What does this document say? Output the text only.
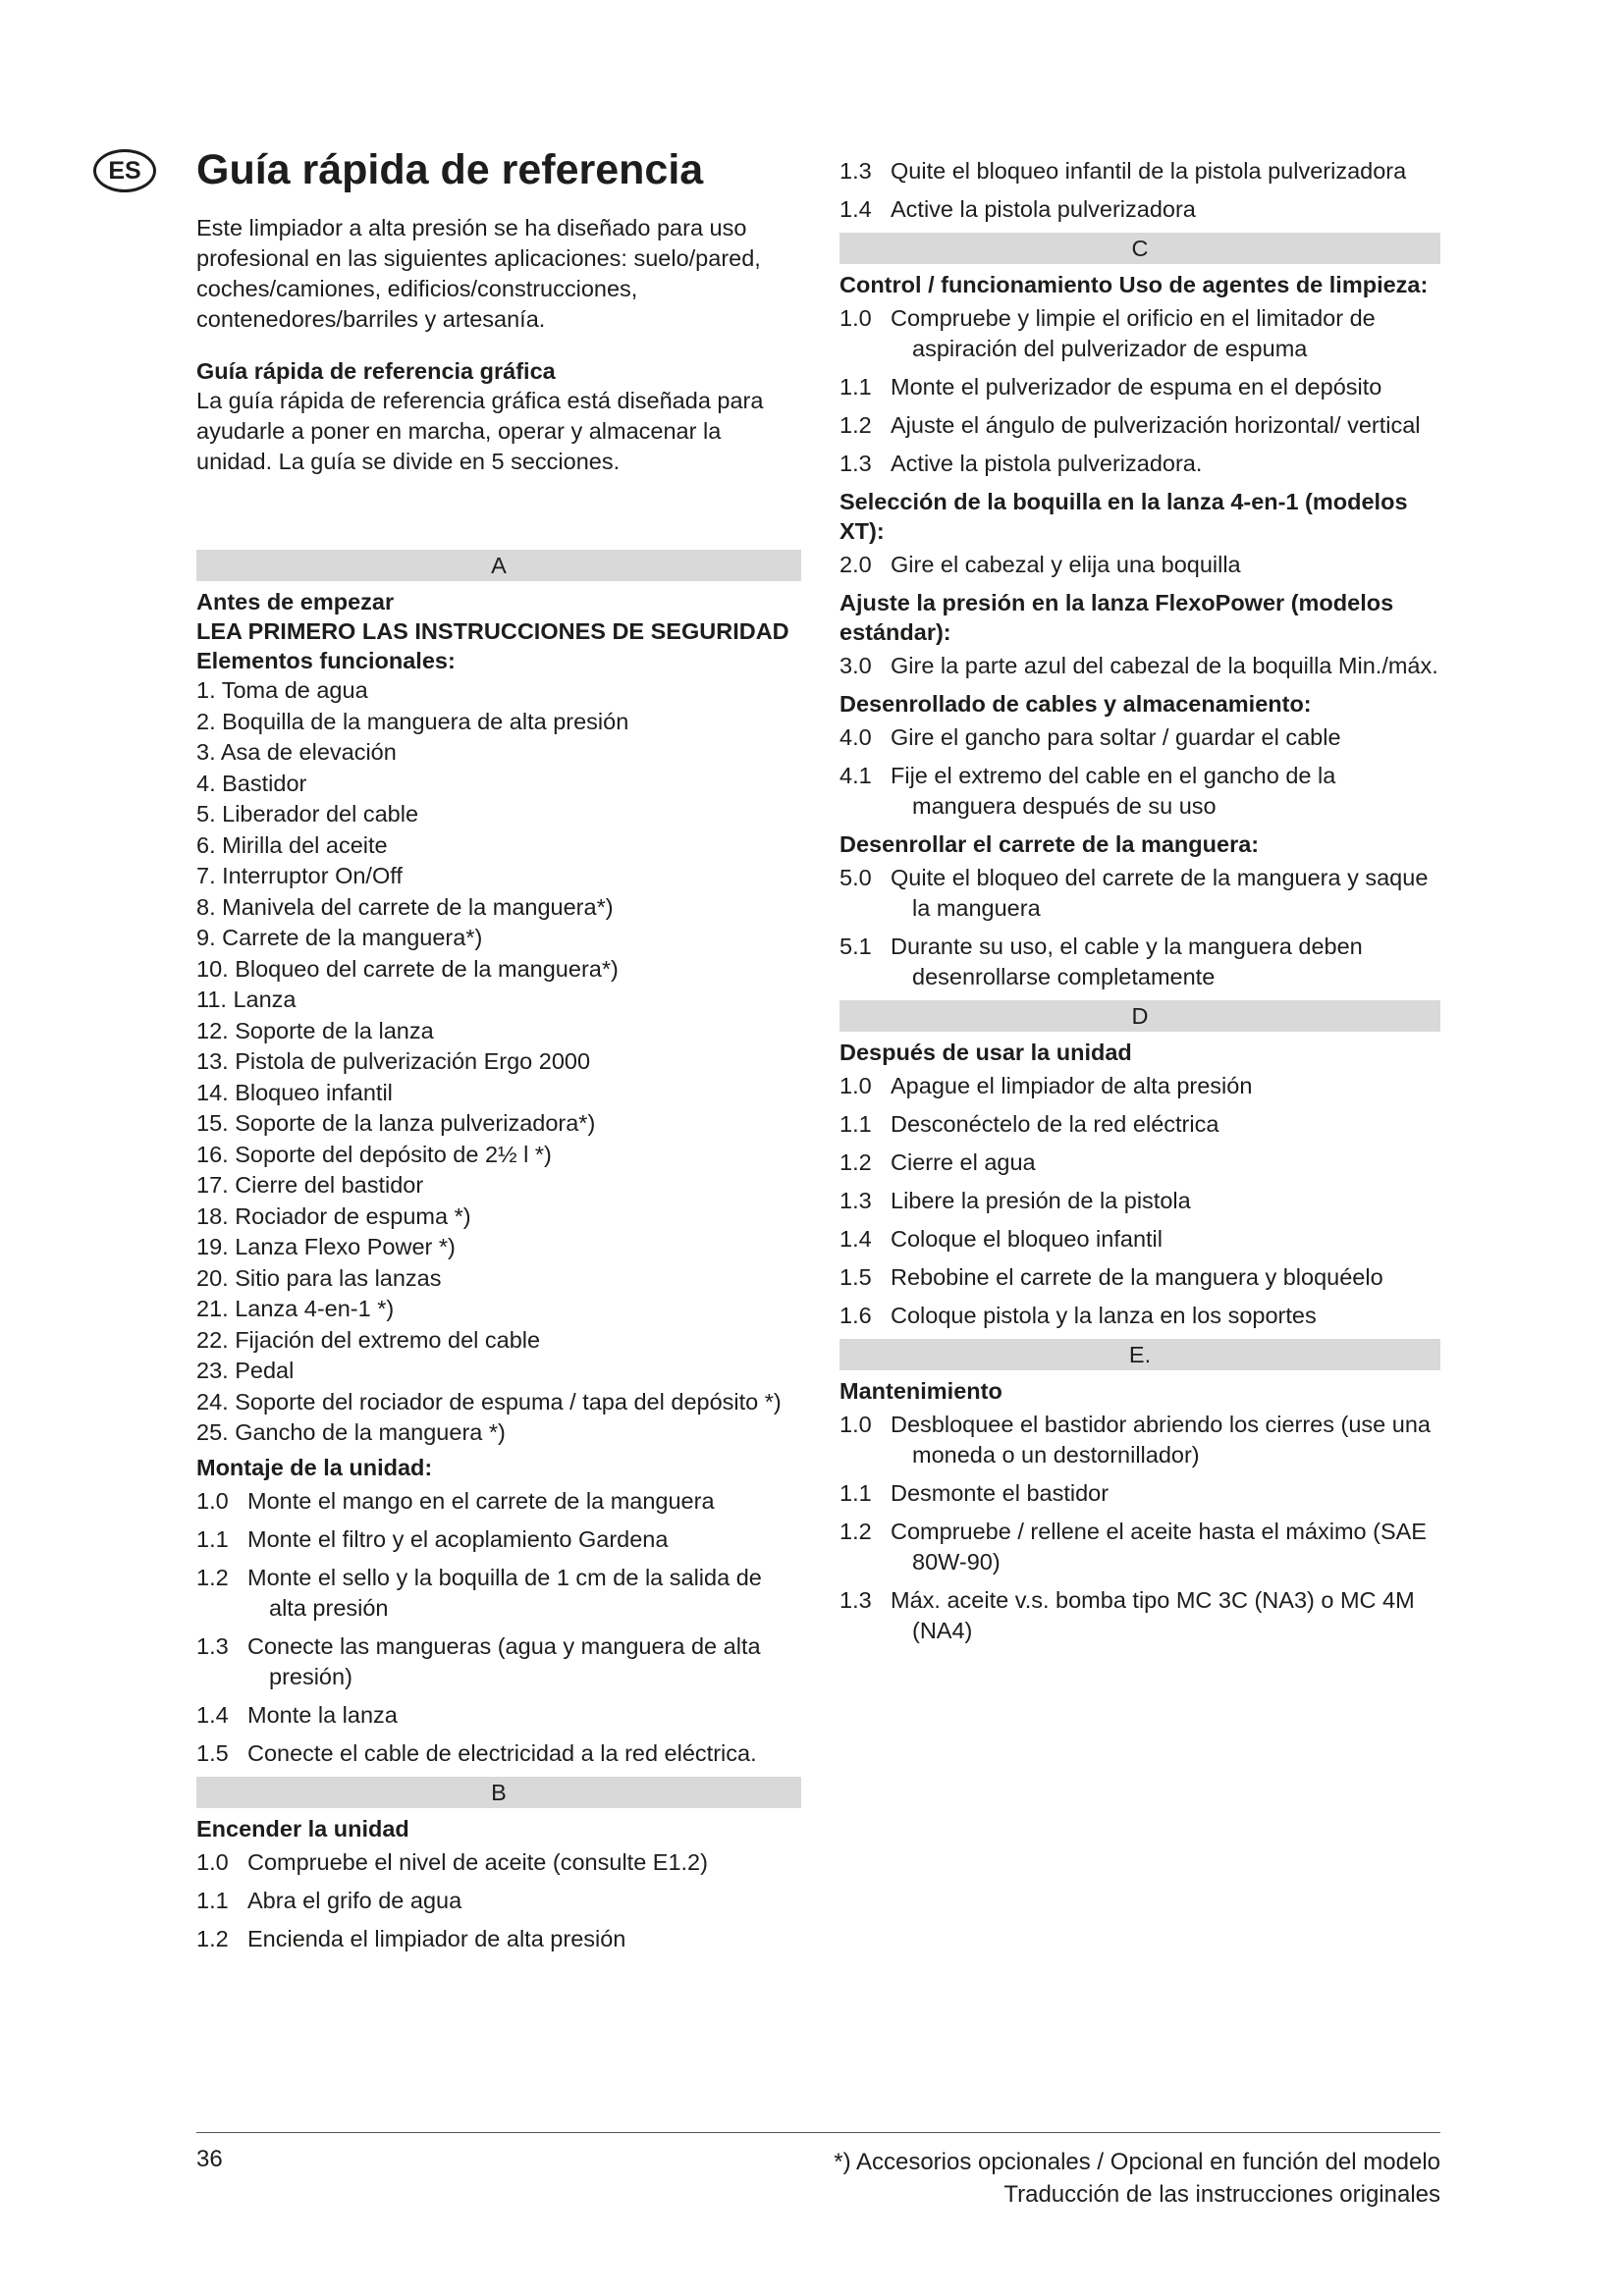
ES	Guía rápida de referencia

Este limpiador a alta presión se ha diseñado para uso profesional en las siguientes aplicaciones: suelo/pared, coches/camiones, edificios/construcciones, contenedores/barriles y artesanía.

Guía rápida de referencia gráfica

La guía rápida de referencia gráfica está diseñada para ayudarle a poner en marcha, operar y almacenar la unidad. La guía se divide en 5 secciones.

A

Antes de empezar

LEA PRIMERO LAS INSTRUCCIONES DE SEGURIDAD

Elementos funcionales:

1. Toma de agua
2. Boquilla de la manguera de alta presión
3. Asa de elevación
4. Bastidor
5. Liberador del cable
6. Mirilla del aceite
7. Interruptor On/Off
8. Manivela del carrete de la manguera*)
9. Carrete de la manguera*)
10. Bloqueo del carrete de la manguera*)
11. Lanza
12. Soporte de la lanza
13. Pistola de pulverización Ergo 2000
14. Bloqueo infantil
15. Soporte de la lanza pulverizadora*)
16. Soporte del depósito de 2½ l *)
17. Cierre del bastidor
18. Rociador de espuma *)
19. Lanza Flexo Power *)
20. Sitio para las lanzas
21. Lanza 4-en-1 *)
22. Fijación del extremo del cable
23. Pedal
24. Soporte del rociador de espuma / tapa del depósito *)
25. Gancho de la manguera *)

Montaje de la unidad:

1.0 Monte el mango en el carrete de la manguera
1.1 Monte el filtro y el acoplamiento Gardena
1.2 Monte el sello y la boquilla de 1 cm de la salida de alta presión
1.3 Conecte las mangueras (agua y manguera de alta presión)
1.4 Monte la lanza
1.5 Conecte el cable de electricidad a la red eléctrica.
B

Encender la unidad

1.0 Compruebe el nivel de aceite (consulte E1.2)
1.1 Abra el grifo de agua
1.2 Encienda el limpiador de alta presión
1.3 Quite el bloqueo infantil de la pistola pulverizadora
1.4 Active la pistola pulverizadora
C

Control / funcionamiento Uso de agentes de limpieza:

1.0 Compruebe y limpie el orificio en el limitador de aspiración del pulverizador de espuma
1.1 Monte el pulverizador de espuma en el depósito
1.2 Ajuste el ángulo de pulverización horizontal/ vertical
1.3 Active la pistola pulverizadora.

Selección de la boquilla en la lanza 4-en-1 (modelos XT):

2.0 Gire el cabezal y elija una boquilla

Ajuste la presión en la lanza FlexoPower (modelos estándar):

3.0 Gire la parte azul del cabezal de la boquilla Min./máx.

Desenrollado de cables y almacenamiento:

4.0 Gire el gancho para soltar / guardar el cable
4.1 Fije el extremo del cable en el gancho de la manguera después de su uso

Desenrollar el carrete de la manguera:

5.0 Quite el bloqueo del carrete de la manguera y saque la manguera
5.1 Durante su uso, el cable y la manguera deben desenrollarse completamente
D

Después de usar la unidad

1.0 Apague el limpiador de alta presión
1.1 Desconéctelo de la red eléctrica
1.2 Cierre el agua
1.3 Libere la presión de la pistola
1.4 Coloque el bloqueo infantil
1.5 Rebobine el carrete de la manguera y bloquéelo
1.6 Coloque pistola y la lanza en los soportes
E.

Mantenimiento

1.0 Desbloquee el bastidor abriendo los cierres (use una moneda o un destornillador)
1.1 Desmonte el bastidor
1.2 Compruebe / rellene el aceite hasta el máximo (SAE 80W-90)
1.3 Máx. aceite v.s. bomba tipo MC 3C (NA3) o MC 4M (NA4)
36	*) Accesorios opcionales / Opcional en función del modelo
Traducción de las instrucciones originales
